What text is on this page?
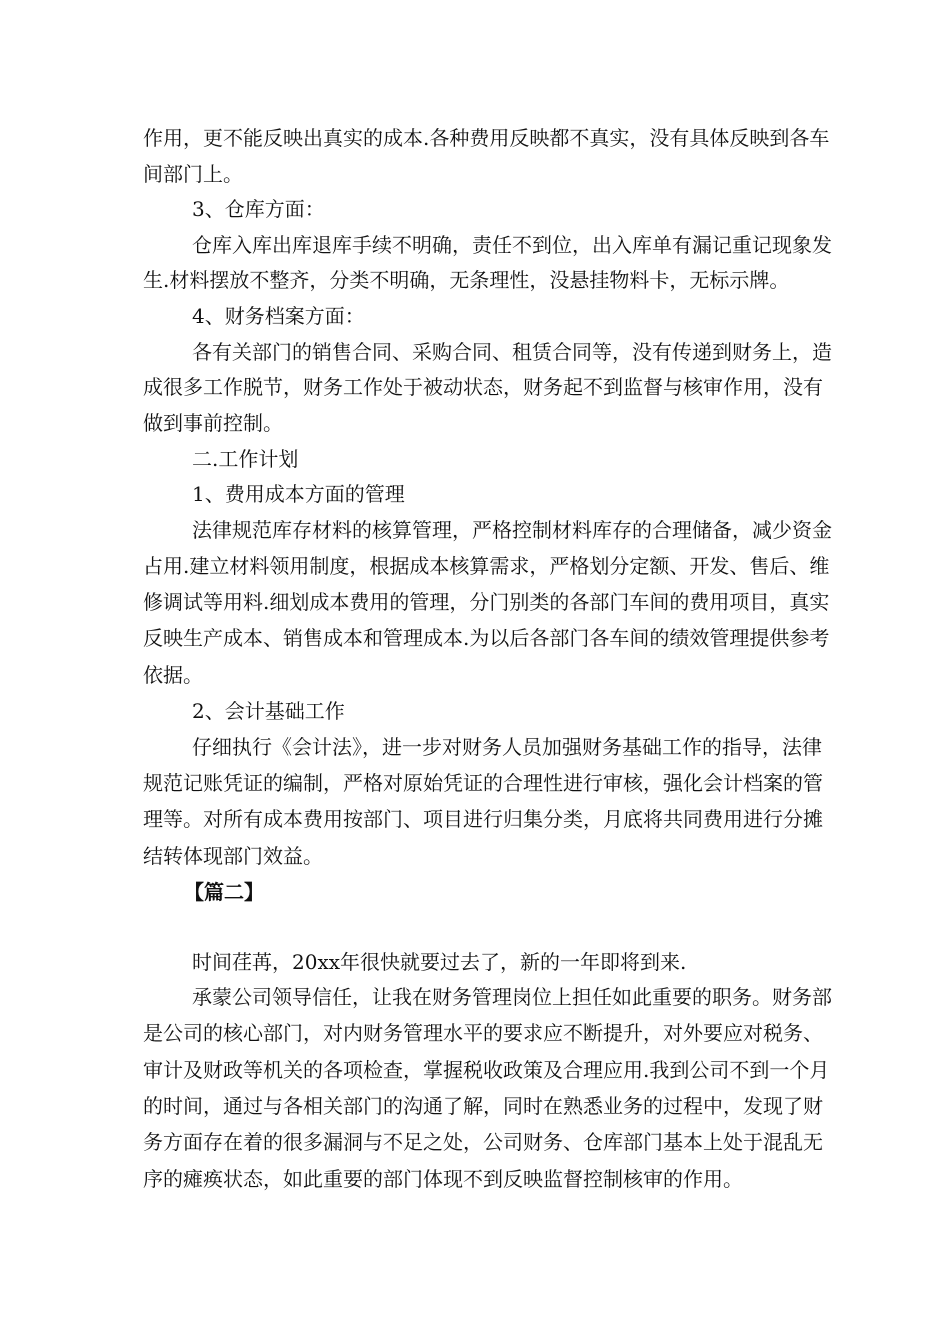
作用，更不能反映出真实的成本.各种费用反映都不真实，没有具体反映到各车
间部门上。
3、仓库方面：
仓库入库出库退库手续不明确，责任不到位，出入库单有漏记重记现象发
生.材料摆放不整齐，分类不明确，无条理性，没悬挂物料卡，无标示牌。
4、财务档案方面：
各有关部门的销售合同、采购合同、租赁合同等，没有传递到财务上，造
成很多工作脱节，财务工作处于被动状态，财务起不到监督与核审作用，没有
做到事前控制。
二.工作计划
1、费用成本方面的管理
法律规范库存材料的核算管理，严格控制材料库存的合理储备，减少资金
占用.建立材料领用制度，根据成本核算需求，严格划分定额、开发、售后、维
修调试等用料.细划成本费用的管理，分门别类的各部门车间的费用项目，真实
反映生产成本、销售成本和管理成本.为以后各部门各车间的绩效管理提供参考
依据。
2、会计基础工作
仔细执行《会计法》，进一步对财务人员加强财务基础工作的指导，法律
规范记账凭证的编制，严格对原始凭证的合理性进行审核，强化会计档案的管
理等。对所有成本费用按部门、项目进行归集分类，月底将共同费用进行分摊
结转体现部门效益。
【篇二】
时间荏苒，20xx年很快就要过去了，新的一年即将到来.
承蒙公司领导信任，让我在财务管理岗位上担任如此重要的职务。财务部
是公司的核心部门，对内财务管理水平的要求应不断提升，对外要应对税务、
审计及财政等机关的各项检查，掌握税收政策及合理应用.我到公司不到一个月
的时间，通过与各相关部门的沟通了解，同时在熟悉业务的过程中，发现了财
务方面存在着的很多漏洞与不足之处，公司财务、仓库部门基本上处于混乱无
序的瘫痪状态，如此重要的部门体现不到反映监督控制核审的作用。
